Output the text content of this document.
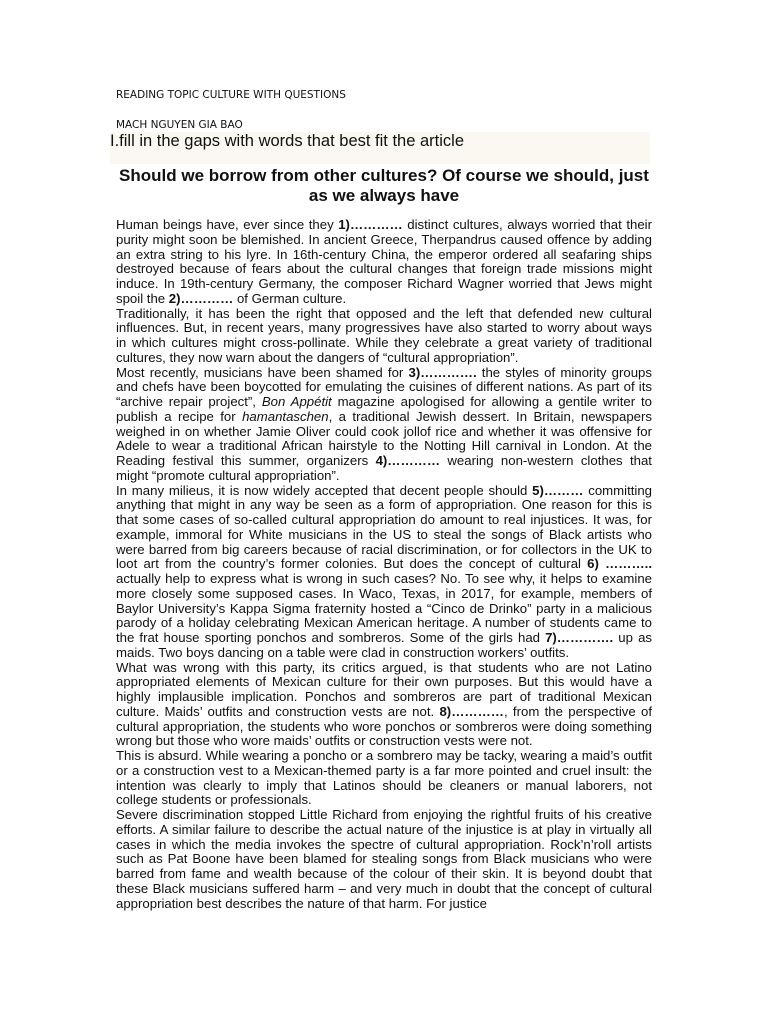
READING TOPIC CULTURE WITH QUESTIONS
MACH NGUYEN GIA BAO
I.fill in the gaps with words that best fit the article
Should we borrow from other cultures? Of course we should, just as we always have

Human beings have, ever since they 1)………… distinct cultures, always worried that their purity might soon be blemished. In ancient Greece, Therpandrus caused offence by adding an extra string to his lyre. In 16th-century China, the emperor ordered all seafaring ships destroyed because of fears about the cultural changes that foreign trade missions might induce. In 19th-century Germany, the composer Richard Wagner worried that Jews might spoil the 2)………… of German culture.

Traditionally, it has been the right that opposed and the left that defended new cultural influences. But, in recent years, many progressives have also started to worry about ways in which cultures might cross-pollinate. While they celebrate a great variety of traditional cultures, they now warn about the dangers of “cultural appropriation”.

Most recently, musicians have been shamed for 3)…………. the styles of minority groups and chefs have been boycotted for emulating the cuisines of different nations. As part of its “archive repair project”, Bon Appétit magazine apologised for allowing a gentile writer to publish a recipe for hamantaschen, a traditional Jewish dessert. In Britain, newspapers weighed in on whether Jamie Oliver could cook jollof rice and whether it was offensive for Adele to wear a traditional African hairstyle to the Notting Hill carnival in London. At the Reading festival this summer, organizers 4)………… wearing non-western clothes that might “promote cultural appropriation”.

In many milieus, it is now widely accepted that decent people should 5)……… committing anything that might in any way be seen as a form of appropriation. One reason for this is that some cases of so-called cultural appropriation do amount to real injustices. It was, for example, immoral for White musicians in the US to steal the songs of Black artists who were barred from big careers because of racial discrimination, or for collectors in the UK to loot art from the country’s former colonies. But does the concept of cultural 6) ……….. actually help to express what is wrong in such cases? No. To see why, it helps to examine more closely some supposed cases. In Waco, Texas, in 2017, for example, members of Baylor University’s Kappa Sigma fraternity hosted a “Cinco de Drinko” party in a malicious parody of a holiday celebrating Mexican American heritage. A number of students came to the frat house sporting ponchos and sombreros. Some of the girls had 7)…………. up as maids. Two boys dancing on a table were clad in construction workers’ outfits.

What was wrong with this party, its critics argued, is that students who are not Latino appropriated elements of Mexican culture for their own purposes. But this would have a highly implausible implication. Ponchos and sombreros are part of traditional Mexican culture. Maids’ outfits and construction vests are not. 8)…………, from the perspective of cultural appropriation, the students who wore ponchos or sombreros were doing something wrong but those who wore maids’ outfits or construction vests were not.

This is absurd. While wearing a poncho or a sombrero may be tacky, wearing a maid’s outfit or a construction vest to a Mexican-themed party is a far more pointed and cruel insult: the intention was clearly to imply that Latinos should be cleaners or manual laborers, not college students or professionals.

Severe discrimination stopped Little Richard from enjoying the rightful fruits of his creative efforts. A similar failure to describe the actual nature of the injustice is at play in virtually all cases in which the media invokes the spectre of cultural appropriation. Rock’n’roll artists such as Pat Boone have been blamed for stealing songs from Black musicians who were barred from fame and wealth because of the colour of their skin. It is beyond doubt that these Black musicians suffered harm – and very much in doubt that the concept of cultural appropriation best describes the nature of that harm. For justice
